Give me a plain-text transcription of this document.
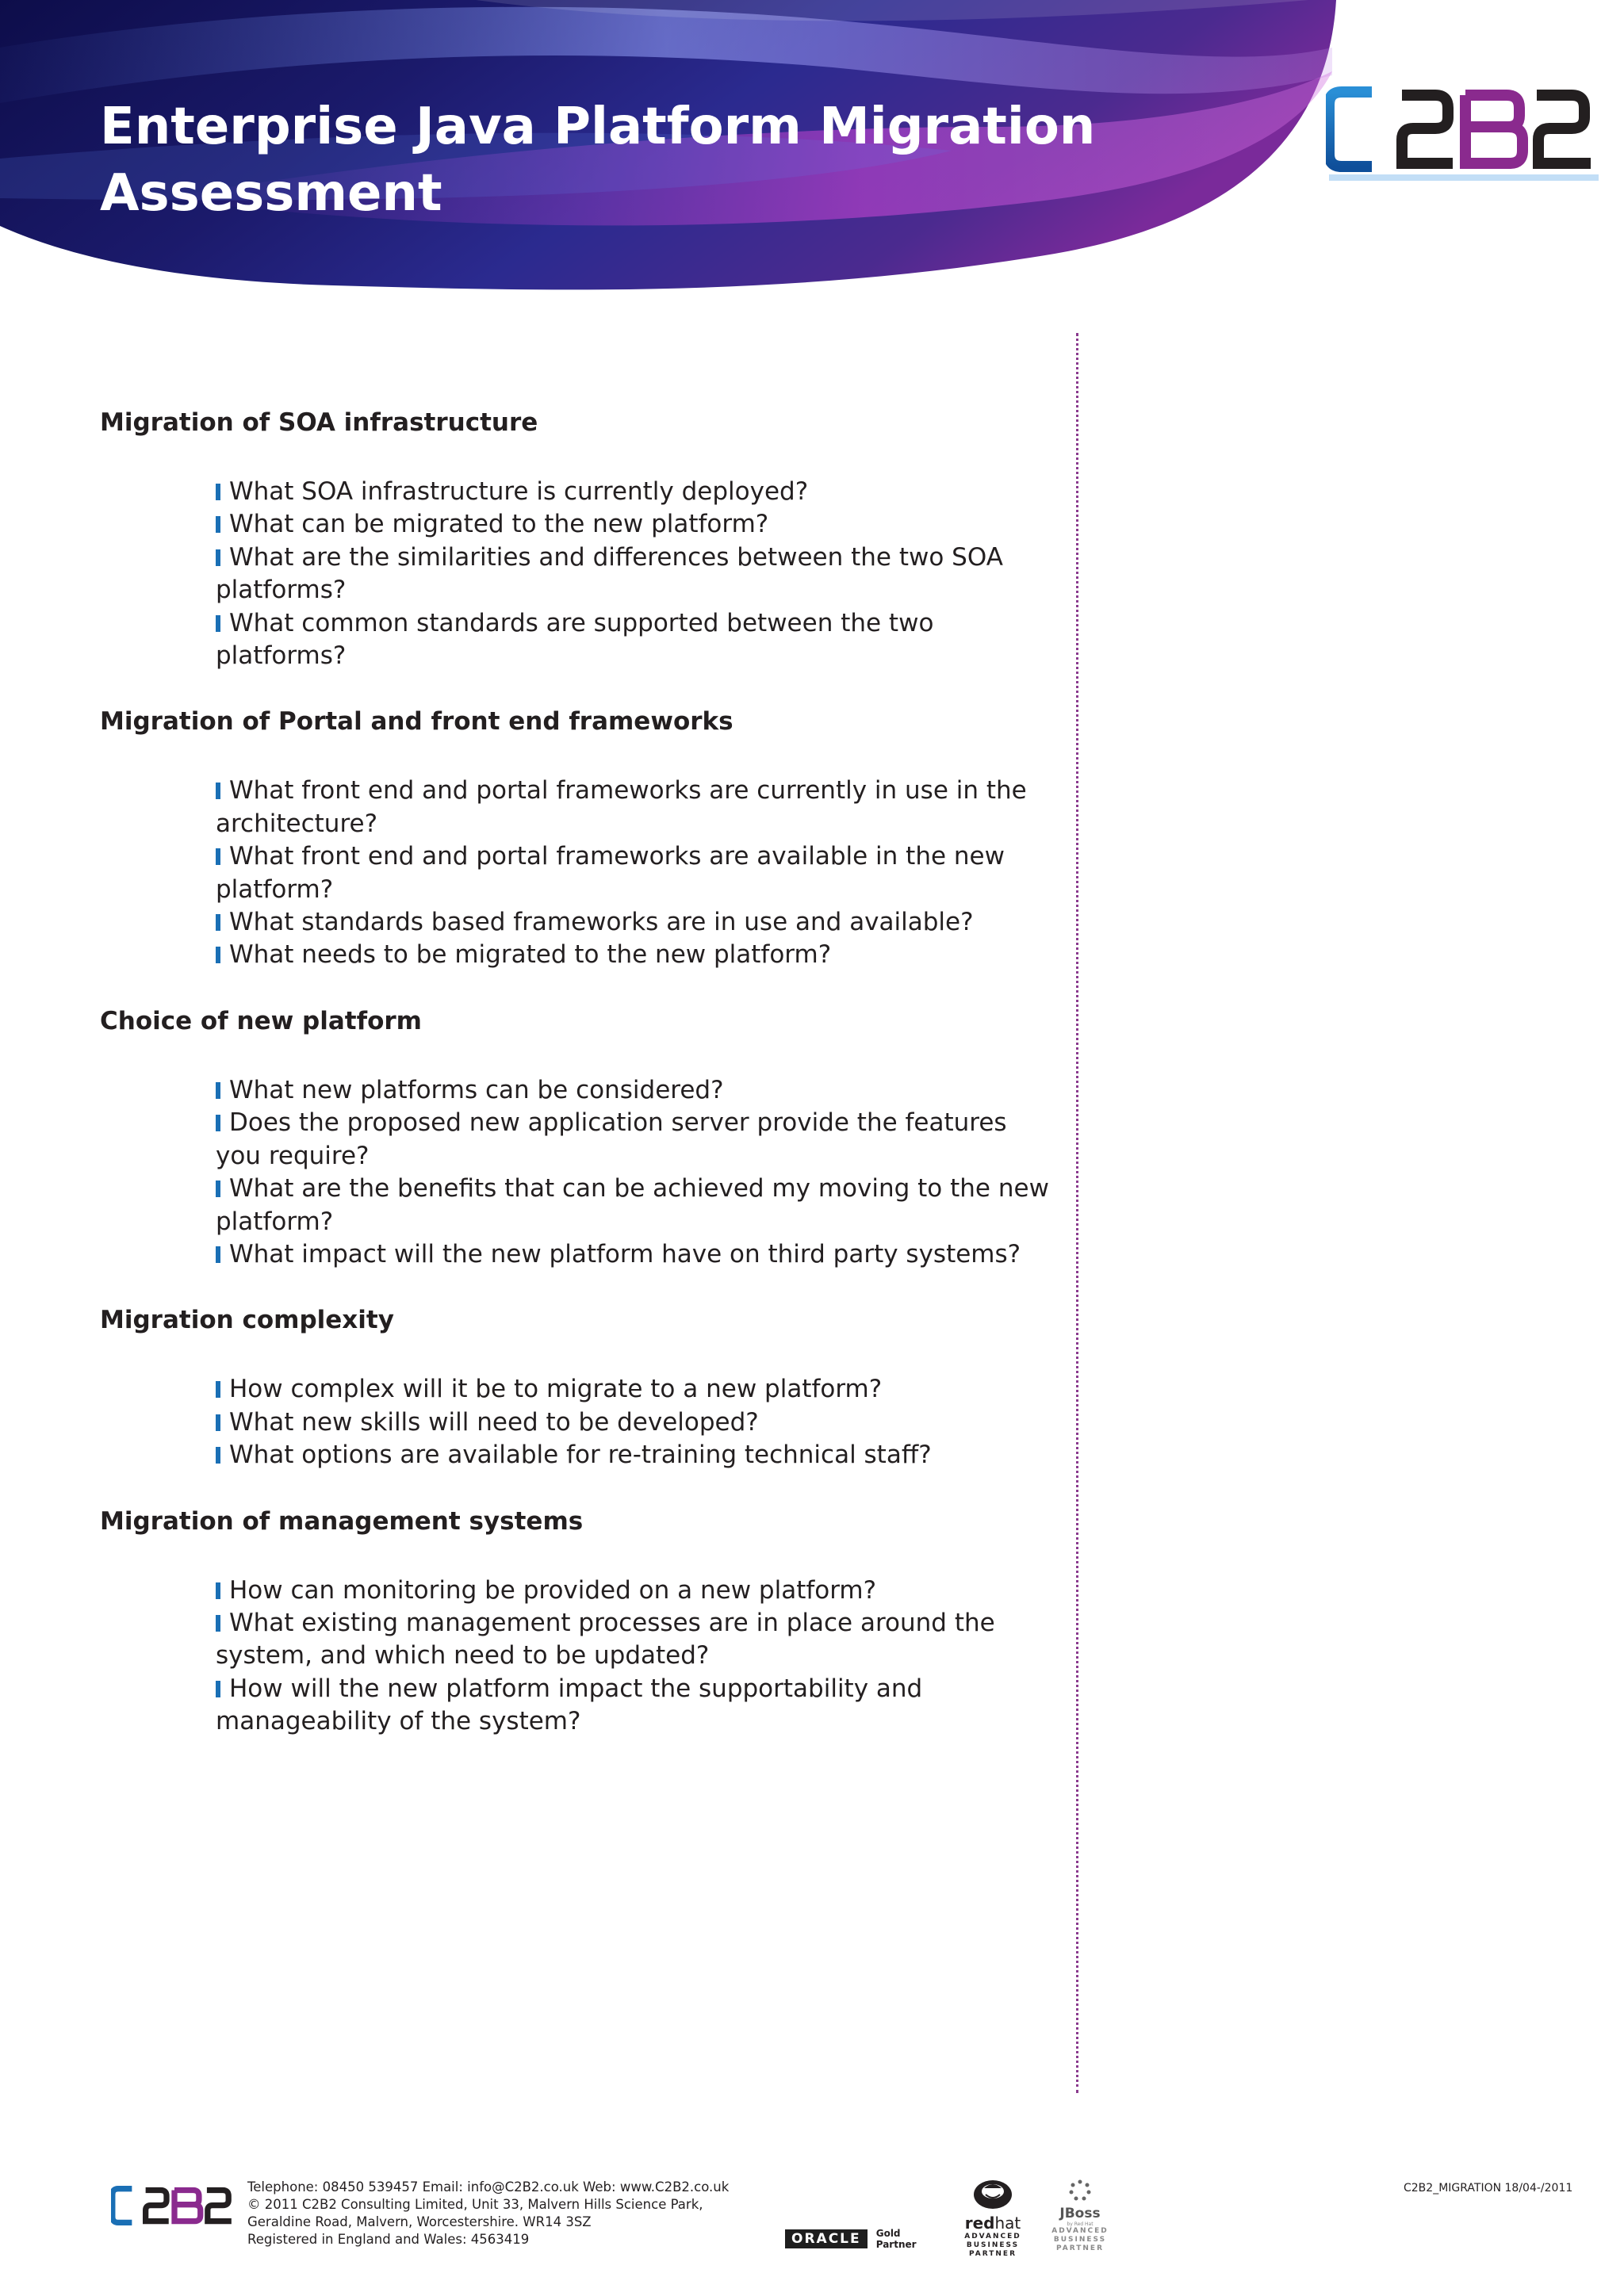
Enterprise Java Platform Migration
Assessment
Migration of SOA infrastructure
What SOA infrastructure is currently deployed?
What can be migrated to the new platform?
What are the similarities and differences between the two SOA platforms?
What common standards are supported between the two platforms?
Migration of Portal and front end frameworks
What front end and portal frameworks are currently in use in the architecture?
What front end and portal frameworks are available in the new platform?
What standards based frameworks are in use and available?
What needs to be migrated to the new platform?
Choice of new platform
What new platforms can be considered?
Does the proposed new application server provide the features you require?
What are the benefits that can be achieved my moving to the new platform?
What impact will the new platform have on third party systems?
Migration complexity
How complex will it be to migrate to a new platform?
What new skills will need to be developed?
What options are available for re-training technical staff?
Migration of management systems
How can monitoring be provided on a new platform?
What existing management processes are in place around the system, and which need to be updated?
How will the new platform impact the supportability and manageability of the system?
Telephone: 08450 539457 Email: info@C2B2.co.uk Web: www.C2B2.co.uk
© 2011 C2B2 Consulting Limited, Unit 33, Malvern Hills Science Park,
Geraldine Road, Malvern, Worcestershire. WR14 3SZ
Registered in England and Wales: 4563419	ORACLE Gold
Partner
redhat
ADVANCED
BUSINESS
PARTNER
JBoss
by Red Hat
ADVANCED
BUSINESS
PARTNER
C2B2_MIGRATION 18/04-/2011
